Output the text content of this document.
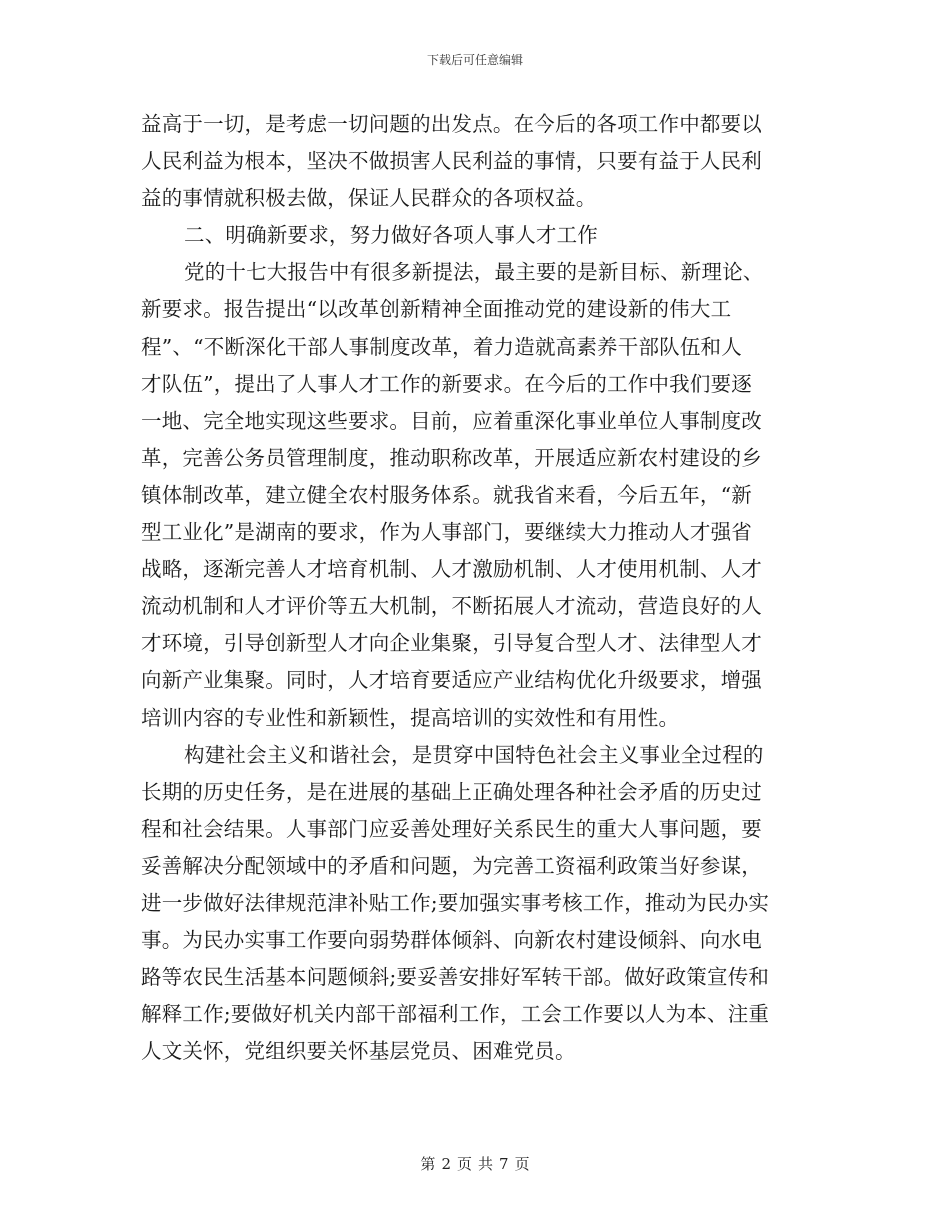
下载后可任意编辑
益高于一切，是考虑一切问题的出发点。在今后的各项工作中都要以
人民利益为根本，坚决不做损害人民利益的事情，只要有益于人民利
益的事情就积极去做，保证人民群众的各项权益。
二、明确新要求，努力做好各项人事人才工作
党的十七大报告中有很多新提法，最主要的是新目标、新理论、
新要求。报告提出“以改革创新精神全面推动党的建设新的伟大工
程”、“不断深化干部人事制度改革，着力造就高素养干部队伍和人
才队伍”，提出了人事人才工作的新要求。在今后的工作中我们要逐
一地、完全地实现这些要求。目前，应着重深化事业单位人事制度改
革，完善公务员管理制度，推动职称改革，开展适应新农村建设的乡
镇体制改革，建立健全农村服务体系。就我省来看，今后五年，“新
型工业化”是湖南的要求，作为人事部门，要继续大力推动人才强省
战略，逐渐完善人才培育机制、人才激励机制、人才使用机制、人才
流动机制和人才评价等五大机制，不断拓展人才流动，营造良好的人
才环境，引导创新型人才向企业集聚，引导复合型人才、法律型人才
向新产业集聚。同时，人才培育要适应产业结构优化升级要求，增强
培训内容的专业性和新颖性，提高培训的实效性和有用性。
构建社会主义和谐社会，是贯穿中国特色社会主义事业全过程的
长期的历史任务，是在进展的基础上正确处理各种社会矛盾的历史过
程和社会结果。人事部门应妥善处理好关系民生的重大人事问题，要
妥善解决分配领域中的矛盾和问题，为完善工资福利政策当好参谋，
进一步做好法律规范津补贴工作;要加强实事考核工作，推动为民办实
事。为民办实事工作要向弱势群体倾斜、向新农村建设倾斜、向水电
路等农民生活基本问题倾斜;要妥善安排好军转干部。做好政策宣传和
解释工作;要做好机关内部干部福利工作，工会工作要以人为本、注重
人文关怀，党组织要关怀基层党员、困难党员。
第 2 页 共 7 页
